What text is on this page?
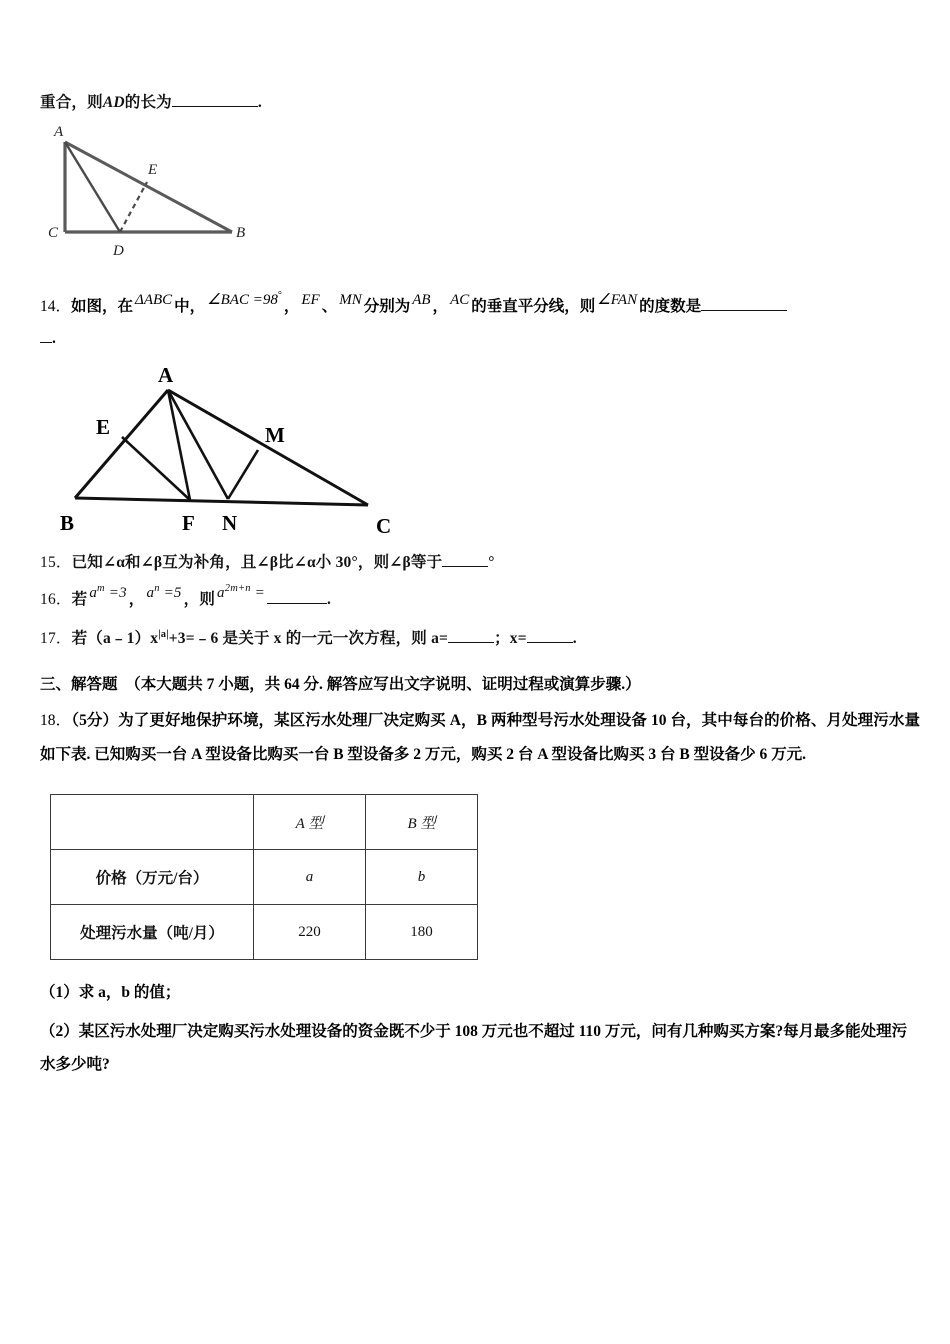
重合，则AD的长为	.
A
C	B
D
E
14．如图，在 ΔABC 中， ∠BAC =98°， EF 、 MN 分别为 AB ， AC 的垂直平分线，则 ∠FAN 的度数是
.
A
B	C
E
F N
M
15．已知∠α和∠β互为补角，且∠β比∠α小 30°，则∠β等于	°
16．若 $a^m =3$ ， $a^n =5$ ，则 $a^{2m+n}$ =	.
17．若$(a﹣1)x^{|a|}+3=﹣6$ 是关于 x 的一元一次方程，则 a=	；x=	.
三、解答题 （本大题共 7 小题，共 64 分. 解答应写出文字说明、证明过程或演算步骤.）
18．（5分）为了更好地保护环境，某区污水处理厂决定购买 A，B 两种型号污水处理设备 10 台，其中每台的价格、月处理污水量如下表. 已知购买一台 A 型设备比购买一台 B 型设备多 2 万元，购买 2 台 A 型设备比购买 3 台 B 型设备少 6 万元.
	A 型	B 型
价格（万元/台）	a	b
处理污水量（吨/月）	220	180
（1）求 a，b 的值；
（2）某区污水处理厂决定购买污水处理设备的资金既不少于 108 万元也不超过 110 万元，问有几种购买方案?每月最多能处理污水多少吨?
